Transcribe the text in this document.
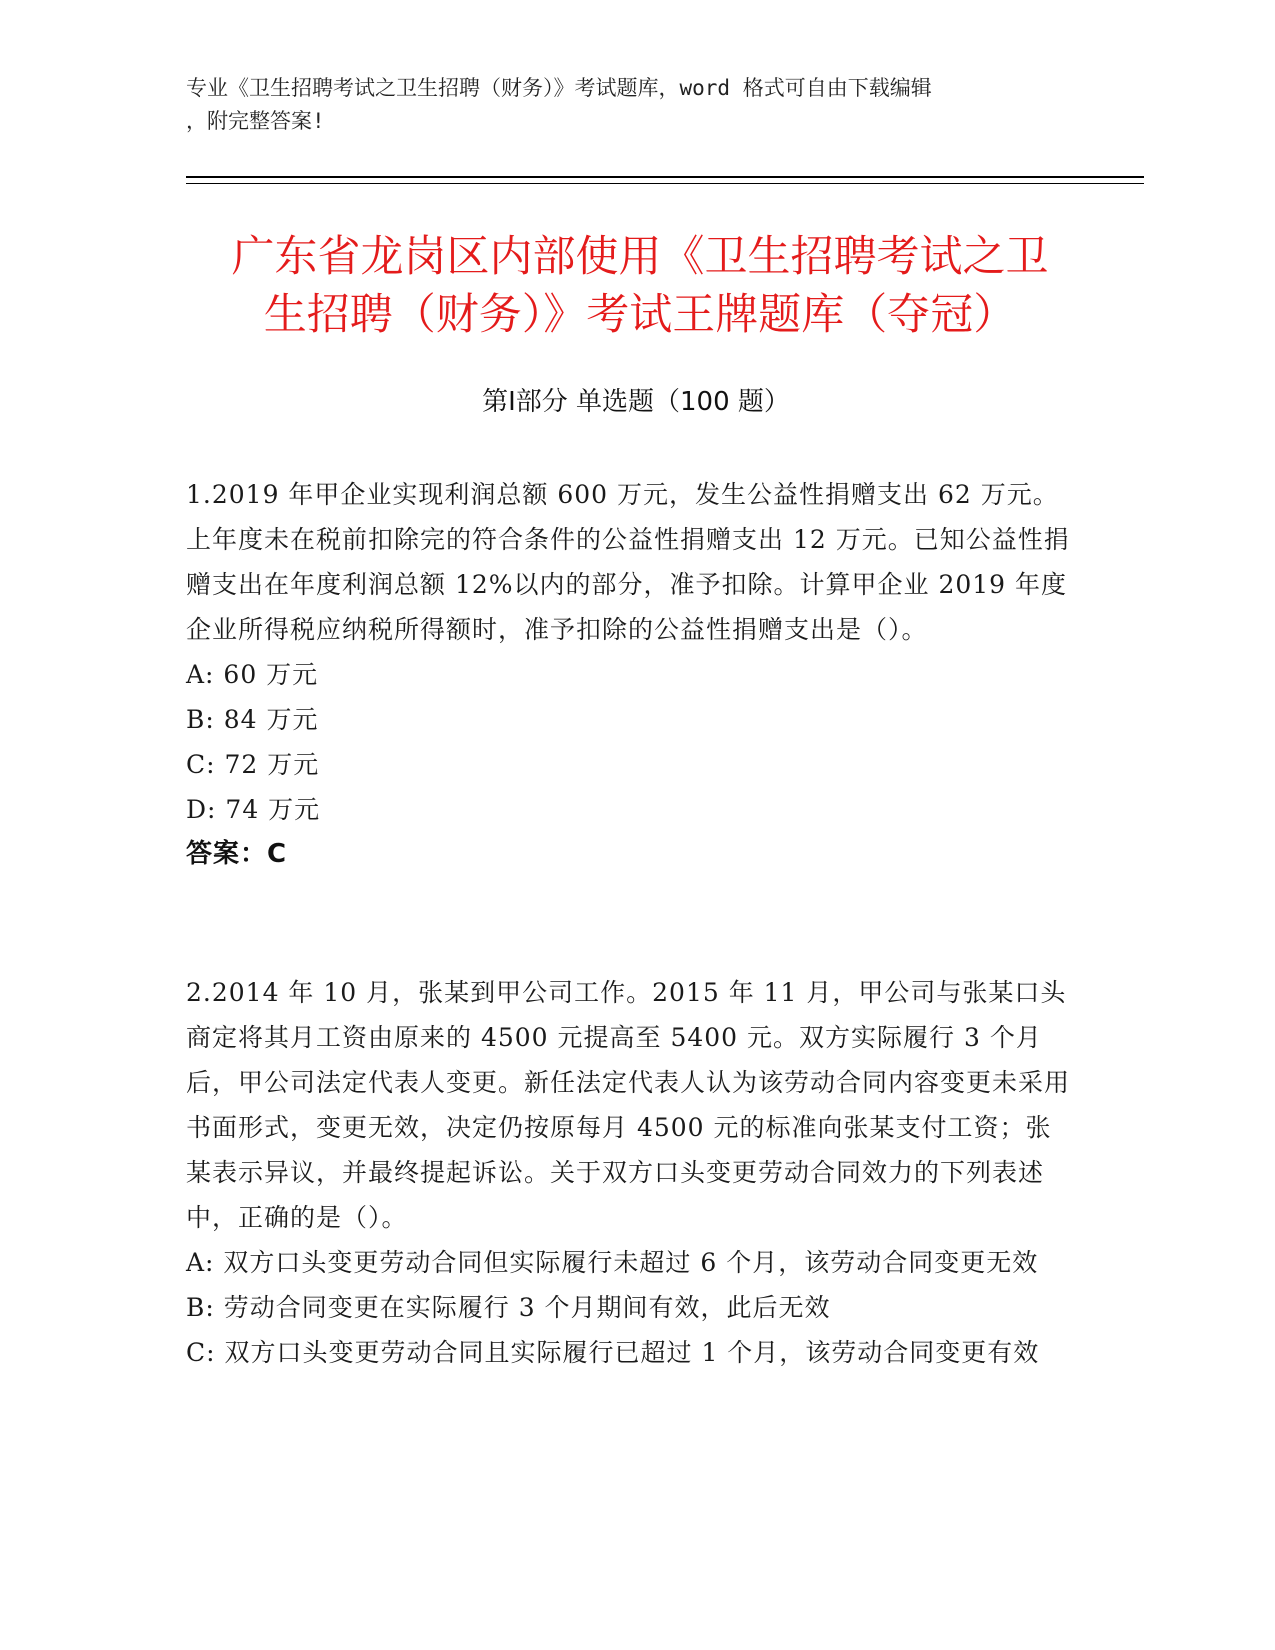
专业《卫生招聘考试之卫生招聘（财务）》考试题库，word 格式可自由下载编辑
，附完整答案!
广东省龙岗区内部使用《卫生招聘考试之卫
生招聘（财务）》考试王牌题库（夺冠）
第Ⅰ部分 单选题（100 题）
1.2019 年甲企业实现利润总额 600 万元，发生公益性捐赠支出 62 万元。上年度未在税前扣除完的符合条件的公益性捐赠支出 12 万元。已知公益性捐赠支出在年度利润总额 12%以内的部分，准予扣除。计算甲企业 2019 年度企业所得税应纳税所得额时，准予扣除的公益性捐赠支出是（）。
A: 60 万元
B: 84 万元
C: 72 万元
D: 74 万元
答案：C
2.2014 年 10 月，张某到甲公司工作。2015 年 11 月，甲公司与张某口头商定将其月工资由原来的 4500 元提高至 5400 元。双方实际履行 3 个月后，甲公司法定代表人变更。新任法定代表人认为该劳动合同内容变更未采用书面形式，变更无效，决定仍按原每月 4500 元的标准向张某支付工资；张某表示异议，并最终提起诉讼。关于双方口头变更劳动合同效力的下列表述中，正确的是（）。
A: 双方口头变更劳动合同但实际履行未超过 6 个月，该劳动合同变更无效
B: 劳动合同变更在实际履行 3 个月期间有效，此后无效
C: 双方口头变更劳动合同且实际履行已超过 1 个月，该劳动合同变更有效
